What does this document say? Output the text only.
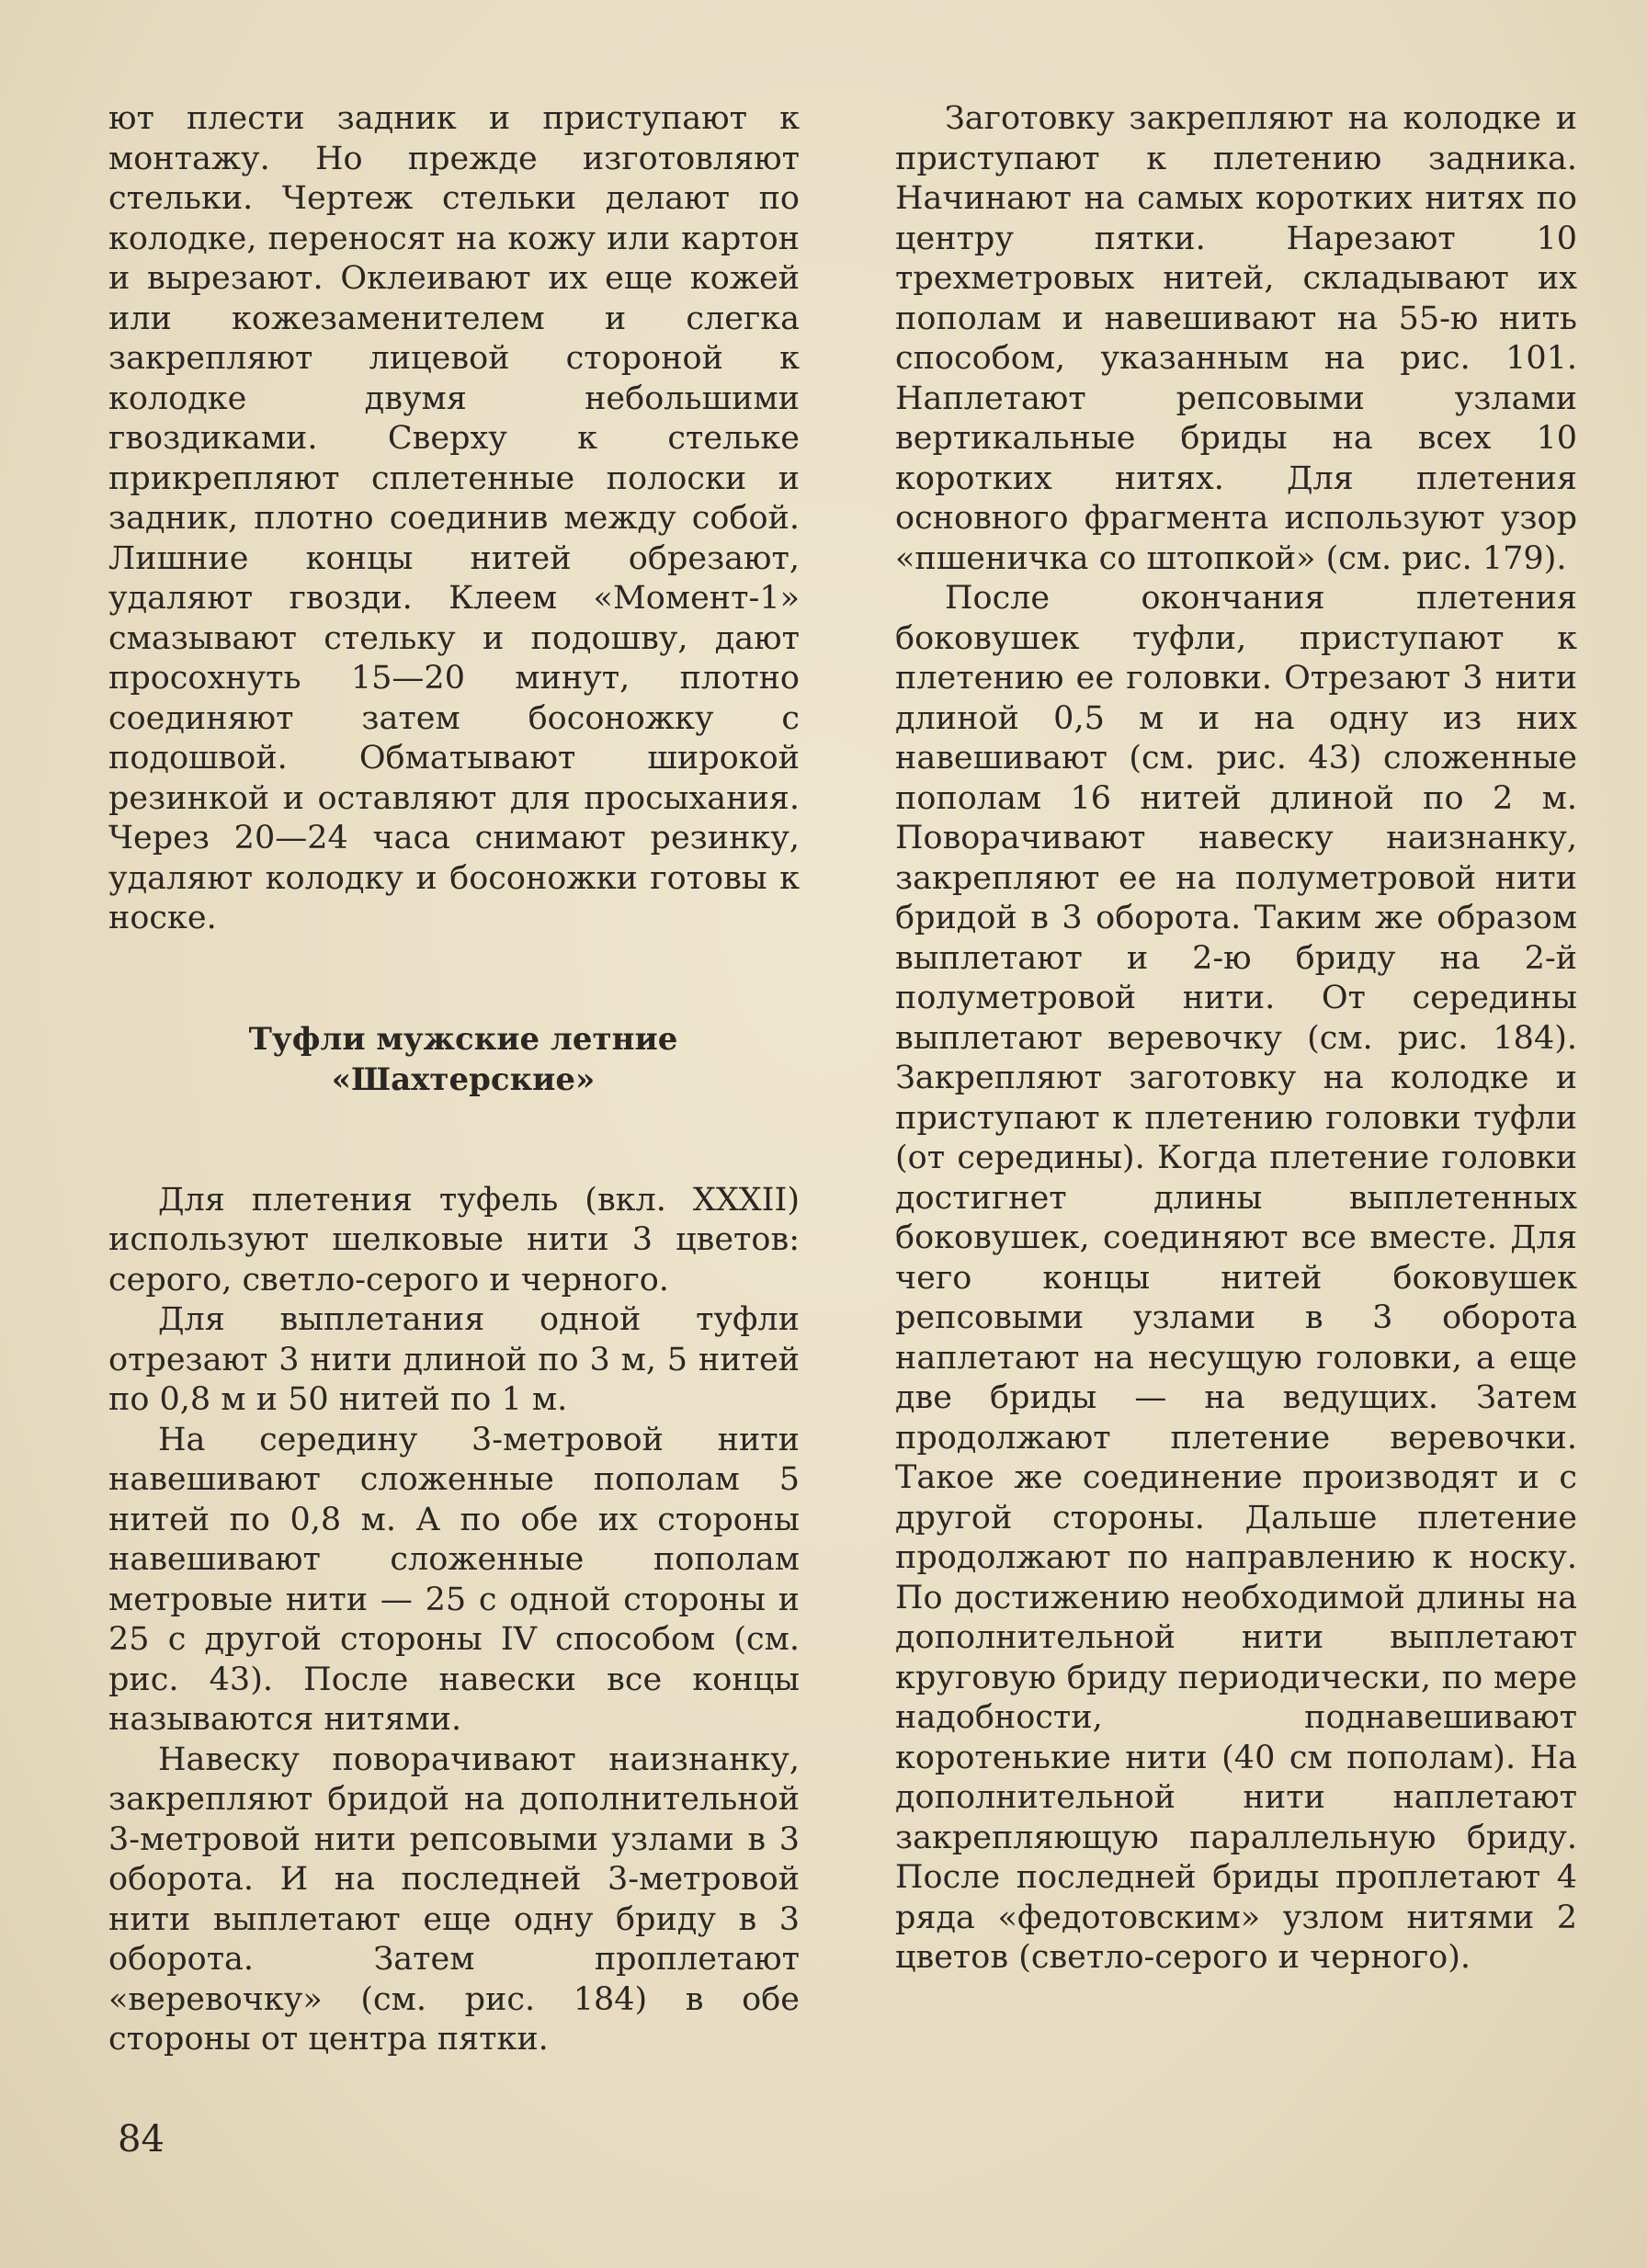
ют плести задник и приступают к монтажу. Но прежде изготовляют стельки. Чертеж стельки делают по колодке, переносят на кожу или картон и вырезают. Оклеивают их еще кожей или кожезаменителем и слегка закрепляют лицевой стороной к колодке двумя небольшими гвоздиками. Сверху к стельке прикрепляют сплетенные полоски и задник, плотно соединив между собой. Лишние концы нитей обрезают, удаляют гвозди. Клеем «Момент-1» смазывают стельку и подошву, дают просохнуть 15—20 минут, плотно соединяют затем босоножку с подошвой. Обматывают широкой резинкой и оставляют для просыхания. Через 20—24 часа снимают резинку, удаляют колодку и босоножки готовы к носке.

Туфли мужские летние
«Шахтерские»

Для плетения туфель (вкл. XXXII) используют шелковые нити 3 цветов: серого, светло-серого и черного.

Для выплетания одной туфли отрезают 3 нити длиной по 3 м, 5 нитей по 0,8 м и 50 нитей по 1 м.

На середину 3-метровой нити навешивают сложенные пополам 5 нитей по 0,8 м. А по обе их стороны навешивают сложенные пополам метровые нити — 25 с одной стороны и 25 с другой стороны IV способом (см. рис. 43). После навески все концы называются нитями.

Навеску поворачивают наизнанку, закрепляют бридой на дополнительной 3-метровой нити репсовыми узлами в 3 оборота. И на последней 3-метровой нити выплетают еще одну бриду в 3 оборота. Затем проплетают «веревочку» (см. рис. 184) в обе стороны от центра пятки.

Заготовку закрепляют на колодке и приступают к плетению задника. Начинают на самых коротких нитях по центру пятки. Нарезают 10 трехметровых нитей, складывают их пополам и навешивают на 55-ю нить способом, указанным на рис. 101. Наплетают репсовыми узлами вертикальные бриды на всех 10 коротких нитях. Для плетения основного фрагмента используют узор «пшеничка со штопкой» (см. рис. 179).

После окончания плетения боковушек туфли, приступают к плетению ее головки. Отрезают 3 нити длиной 0,5 м и на одну из них навешивают (см. рис. 43) сложенные пополам 16 нитей длиной по 2 м. Поворачивают навеску наизнанку, закрепляют ее на полуметровой нити бридой в 3 оборота. Таким же образом выплетают и 2-ю бриду на 2-й полуметровой нити. От середины выплетают веревочку (см. рис. 184). Закрепляют заготовку на колодке и приступают к плетению головки туфли (от середины). Когда плетение головки достигнет длины выплетенных боковушек, соединяют все вместе. Для чего концы нитей боковушек репсовыми узлами в 3 оборота наплетают на несущую головки, а еще две бриды — на ведущих. Затем продолжают плетение веревочки. Такое же соединение производят и с другой стороны. Дальше плетение продолжают по направлению к носку. По достижению необходимой длины на дополнительной нити выплетают круговую бриду периодически, по мере надобности, поднавешивают коротенькие нити (40 см пополам). На дополнительной нити наплетают закрепляющую параллельную бриду. После последней бриды проплетают 4 ряда «федотовским» узлом нитями 2 цветов (светло-серого и черного).

84
